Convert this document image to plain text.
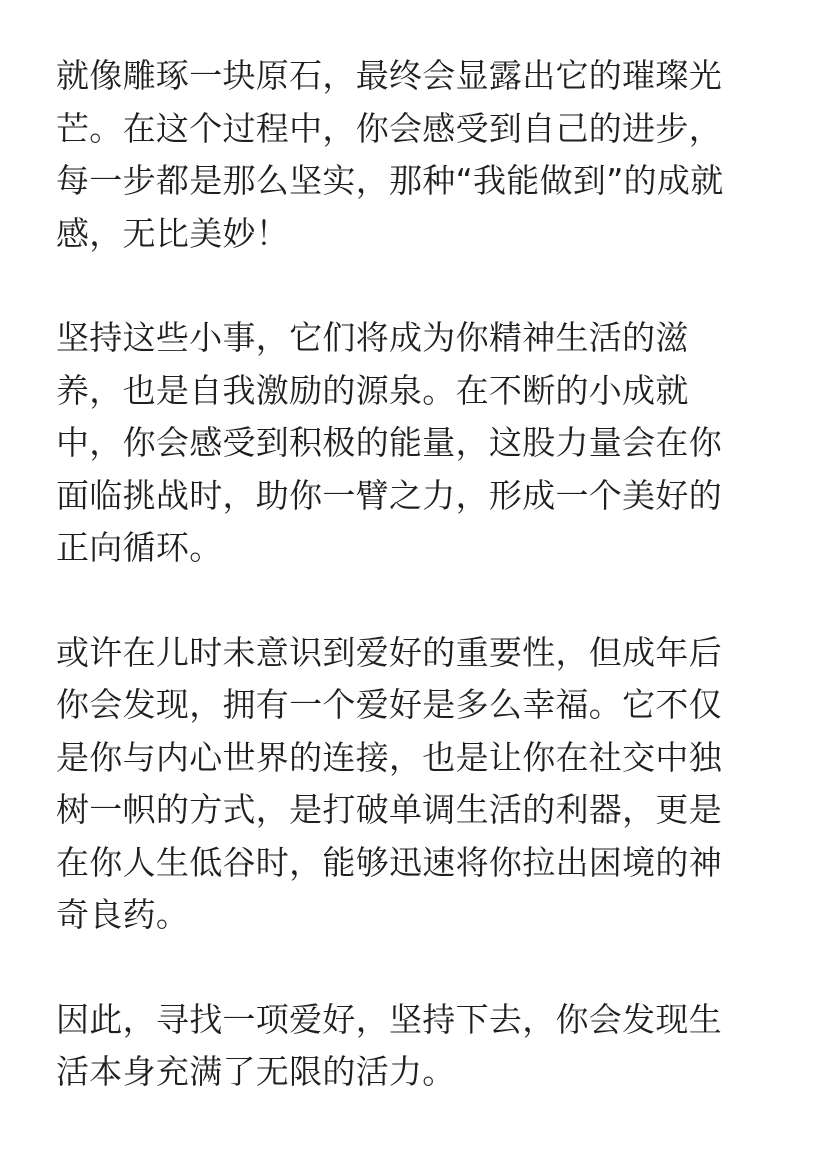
就像雕琢一块原石，最终会显露出它的璀璨光
芒。在这个过程中，你会感受到自己的进步，
每一步都是那么坚实，那种“我能做到”的成就
感，无比美妙！
坚持这些小事，它们将成为你精神生活的滋
养，也是自我激励的源泉。在不断的小成就
中，你会感受到积极的能量，这股力量会在你
面临挑战时，助你一臂之力，形成一个美好的
正向循环。
或许在儿时未意识到爱好的重要性，但成年后
你会发现，拥有一个爱好是多么幸福。它不仅
是你与内心世界的连接，也是让你在社交中独
树一帜的方式，是打破单调生活的利器，更是
在你人生低谷时，能够迅速将你拉出困境的神
奇良药。
因此，寻找一项爱好，坚持下去，你会发现生
活本身充满了无限的活力。
